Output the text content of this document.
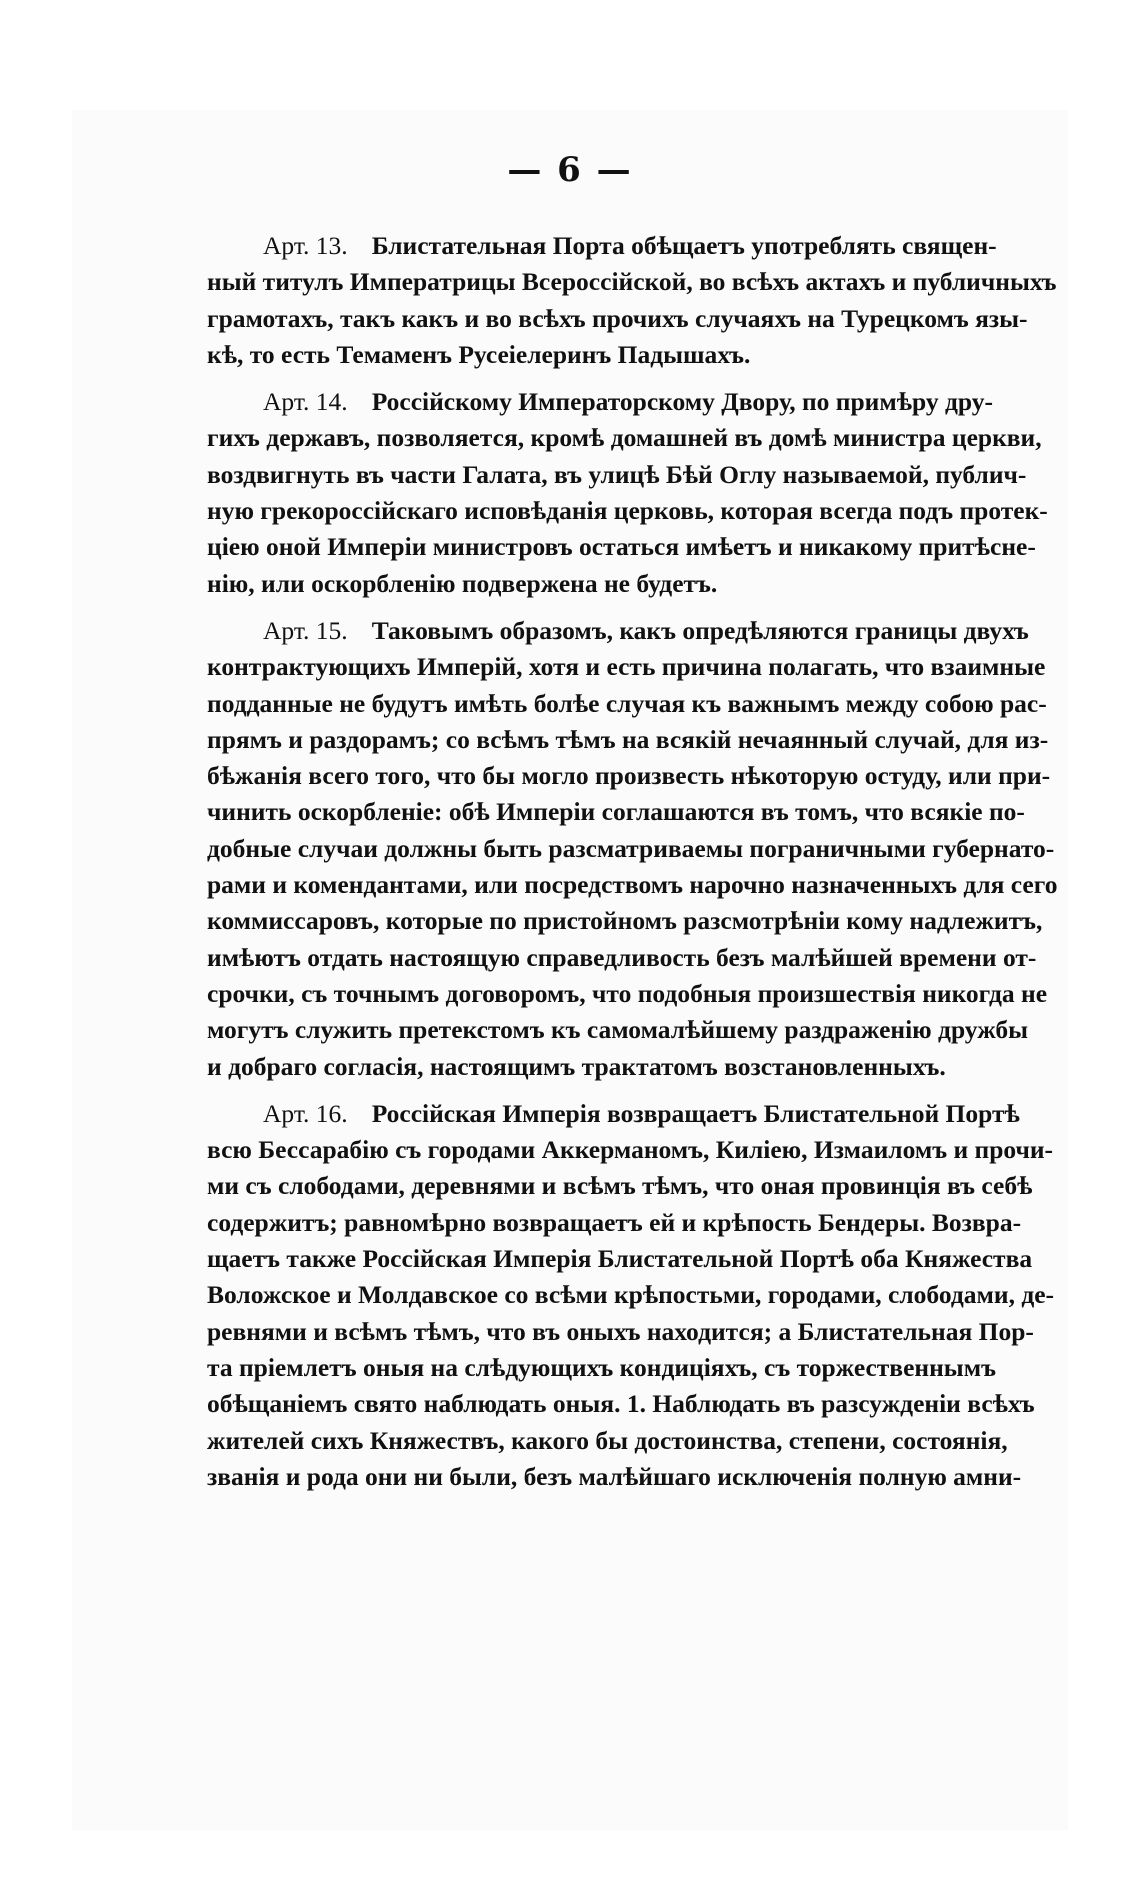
— 6 —
Арт. 13. Блистательная Порта обѣщаетъ употреблять священ-
ный титулъ Императрицы Всероссійской, во всѣхъ актахъ и публичныхъ
грамотахъ, такъ какъ и во всѣхъ прочихъ случаяхъ на Турецкомъ язы-
кѣ, то есть Темаменъ Русеіелеринъ Падышахъ.
Арт. 14. Россійскому Императорскому Двору, по примѣру дру-
гихъ державъ, позволяется, кромѣ домашней въ домѣ министра церкви,
воздвигнуть въ части Галата, въ улицѣ Бѣй Оглу называемой, публич-
ную грекороссійскаго исповѣданія церковь, которая всегда подъ протек-
ціею оной Имперіи министровъ остаться имѣетъ и никакому притѣсне-
нію, или оскорбленію подвержена не будетъ.
Арт. 15. Таковымъ образомъ, какъ опредѣляются границы двухъ
контрактующихъ Имперій, хотя и есть причина полагать, что взаимные
подданные не будутъ имѣть болѣе случая къ важнымъ между собою рас-
прямъ и раздорамъ; со всѣмъ тѣмъ на всякій нечаянный случай, для из-
бѣжанія всего того, что бы могло произвесть нѣкоторую остуду, или при-
чинить оскорбленіе: обѣ Имперіи соглашаются въ томъ, что всякіе по-
добные случаи должны быть разсматриваемы пограничными губернато-
рами и комендантами, или посредствомъ нарочно назначенныхъ для сего
коммиссаровъ, которые по пристойномъ разсмотрѣніи кому надлежитъ,
имѣютъ отдать настоящую справедливость безъ малѣйшей времени от-
срочки, съ точнымъ договоромъ, что подобныя произшествія никогда не
могутъ служить претекстомъ къ самомалѣйшему раздраженію дружбы
и добраго согласія, настоящимъ трактатомъ возстановленныхъ.
Арт. 16. Россійская Имперія возвращаетъ Блистательной Портѣ
всю Бессарабію съ городами Аккерманомъ, Киліею, Измаиломъ и прочи-
ми съ слободами, деревнями и всѣмъ тѣмъ, что оная провинція въ себѣ
содержитъ; равномѣрно возвращаетъ ей и крѣпость Бендеры. Возвра-
щаетъ также Россійская Имперія Блистательной Портѣ оба Княжества
Воложское и Молдавское со всѣми крѣпостьми, городами, слободами, де-
ревнями и всѣмъ тѣмъ, что въ оныхъ находится; а Блистательная Пор-
та пріемлетъ оныя на слѣдующихъ кондиціяхъ, съ торжественнымъ
обѣщаніемъ свято наблюдать оныя. 1. Наблюдать въ разсужденіи всѣхъ
жителей сихъ Княжествъ, какого бы достоинства, степени, состоянія,
званія и рода они ни были, безъ малѣйшаго исключенія полную амни-
